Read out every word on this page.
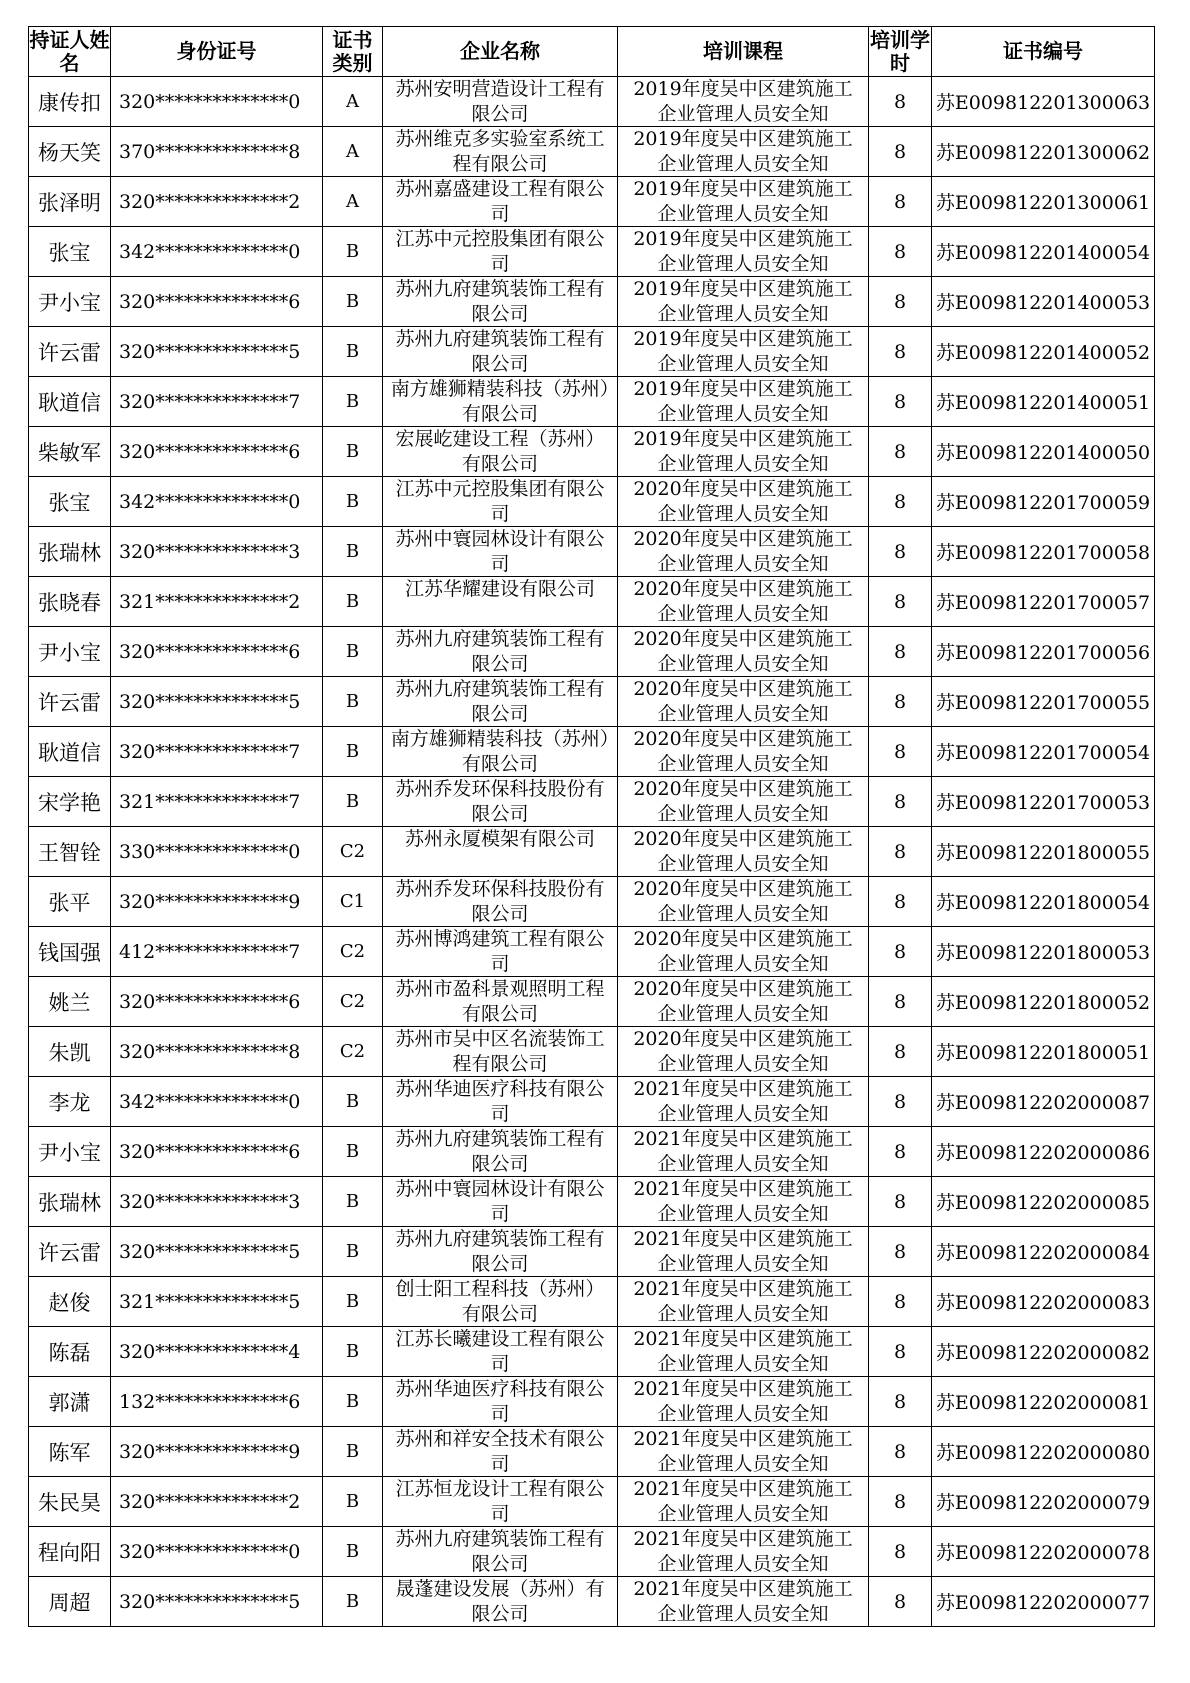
持证人姓名	身份证号	证书类别	企业名称	培训课程	培训学时	证书编号
康传扣	320**************0	A	苏州安明营造设计工程有限公司	2019年度吴中区建筑施工企业管理人员安全知	8	苏E009812201300063
杨天笑	370**************8	A	苏州维克多实验室系统工程有限公司	2019年度吴中区建筑施工企业管理人员安全知	8	苏E009812201300062
张泽明	320**************2	A	苏州嘉盛建设工程有限公司	2019年度吴中区建筑施工企业管理人员安全知	8	苏E009812201300061
张宝	342**************0	B	江苏中元控股集团有限公司	2019年度吴中区建筑施工企业管理人员安全知	8	苏E009812201400054
尹小宝	320**************6	B	苏州九府建筑装饰工程有限公司	2019年度吴中区建筑施工企业管理人员安全知	8	苏E009812201400053
许云雷	320**************5	B	苏州九府建筑装饰工程有限公司	2019年度吴中区建筑施工企业管理人员安全知	8	苏E009812201400052
耿道信	320**************7	B	南方雄狮精装科技（苏州）有限公司	2019年度吴中区建筑施工企业管理人员安全知	8	苏E009812201400051
柴敏军	320**************6	B	宏展屹建设工程（苏州）有限公司	2019年度吴中区建筑施工企业管理人员安全知	8	苏E009812201400050
张宝	342**************0	B	江苏中元控股集团有限公司	2020年度吴中区建筑施工企业管理人员安全知	8	苏E009812201700059
张瑞林	320**************3	B	苏州中寰园林设计有限公司	2020年度吴中区建筑施工企业管理人员安全知	8	苏E009812201700058
张晓春	321**************2	B	江苏华耀建设有限公司	2020年度吴中区建筑施工企业管理人员安全知	8	苏E009812201700057
尹小宝	320**************6	B	苏州九府建筑装饰工程有限公司	2020年度吴中区建筑施工企业管理人员安全知	8	苏E009812201700056
许云雷	320**************5	B	苏州九府建筑装饰工程有限公司	2020年度吴中区建筑施工企业管理人员安全知	8	苏E009812201700055
耿道信	320**************7	B	南方雄狮精装科技（苏州）有限公司	2020年度吴中区建筑施工企业管理人员安全知	8	苏E009812201700054
宋学艳	321**************7	B	苏州乔发环保科技股份有限公司	2020年度吴中区建筑施工企业管理人员安全知	8	苏E009812201700053
王智铨	330**************0	C2	苏州永厦模架有限公司	2020年度吴中区建筑施工企业管理人员安全知	8	苏E009812201800055
张平	320**************9	C1	苏州乔发环保科技股份有限公司	2020年度吴中区建筑施工企业管理人员安全知	8	苏E009812201800054
钱国强	412**************7	C2	苏州博鸿建筑工程有限公司	2020年度吴中区建筑施工企业管理人员安全知	8	苏E009812201800053
姚兰	320**************6	C2	苏州市盈科景观照明工程有限公司	2020年度吴中区建筑施工企业管理人员安全知	8	苏E009812201800052
朱凯	320**************8	C2	苏州市吴中区名流装饰工程有限公司	2020年度吴中区建筑施工企业管理人员安全知	8	苏E009812201800051
李龙	342**************0	B	苏州华迪医疗科技有限公司	2021年度吴中区建筑施工企业管理人员安全知	8	苏E009812202000087
尹小宝	320**************6	B	苏州九府建筑装饰工程有限公司	2021年度吴中区建筑施工企业管理人员安全知	8	苏E009812202000086
张瑞林	320**************3	B	苏州中寰园林设计有限公司	2021年度吴中区建筑施工企业管理人员安全知	8	苏E009812202000085
许云雷	320**************5	B	苏州九府建筑装饰工程有限公司	2021年度吴中区建筑施工企业管理人员安全知	8	苏E009812202000084
赵俊	321**************5	B	创士阳工程科技（苏州）有限公司	2021年度吴中区建筑施工企业管理人员安全知	8	苏E009812202000083
陈磊	320**************4	B	江苏长曦建设工程有限公司	2021年度吴中区建筑施工企业管理人员安全知	8	苏E009812202000082
郭潇	132**************6	B	苏州华迪医疗科技有限公司	2021年度吴中区建筑施工企业管理人员安全知	8	苏E009812202000081
陈军	320**************9	B	苏州和祥安全技术有限公司	2021年度吴中区建筑施工企业管理人员安全知	8	苏E009812202000080
朱民昊	320**************2	B	江苏恒龙设计工程有限公司	2021年度吴中区建筑施工企业管理人员安全知	8	苏E009812202000079
程向阳	320**************0	B	苏州九府建筑装饰工程有限公司	2021年度吴中区建筑施工企业管理人员安全知	8	苏E009812202000078
周超	320**************5	B	晟蓬建设发展（苏州）有限公司	2021年度吴中区建筑施工企业管理人员安全知	8	苏E009812202000077
